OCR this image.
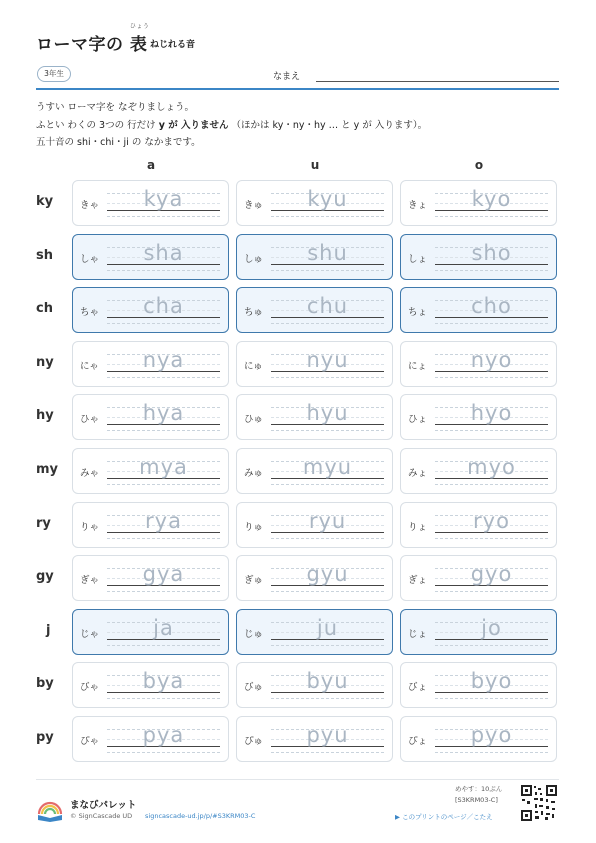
ローマ字の
ひょう
表 ねじれる音
3年生	なまえ
うすい ローマ字を なぞりましょう。
ふとい わくの 3つの 行だけ y が 入りません （ほかは ky・ny・hy … と y が 入ります）。
五十音の shi・chi・ji の なかまです。
a	u	o
ky	きゃ	kya	きゅ	kyu	きょ	kyo
sh	しゃ	sha	しゅ	shu	しょ	sho
ch	ちゃ	cha	ちゅ	chu	ちょ	cho
ny	にゃ	nya	にゅ	nyu	にょ	nyo
hy	ひゃ	hya	ひゅ	hyu	ひょ	hyo
my	みゃ	mya	みゅ	myu	みょ	myo
ry	りゃ	rya	りゅ	ryu	りょ	ryo
gy	ぎゃ	gya	ぎゅ	gyu	ぎょ	gyo
j	じゃ	ja	じゅ	ju	じょ	jo
by	びゃ	bya	びゅ	byu	びょ	byo
py	ぴゃ	pya	ぴゅ	pyu	ぴょ	pyo
まなびパレット
© SignCascade UD signcascade-ud.jp/p/#S3KRM03-C
めやす：10ぷん
[S3KRM03-C]
▶ このプリントのページ／こたえ
